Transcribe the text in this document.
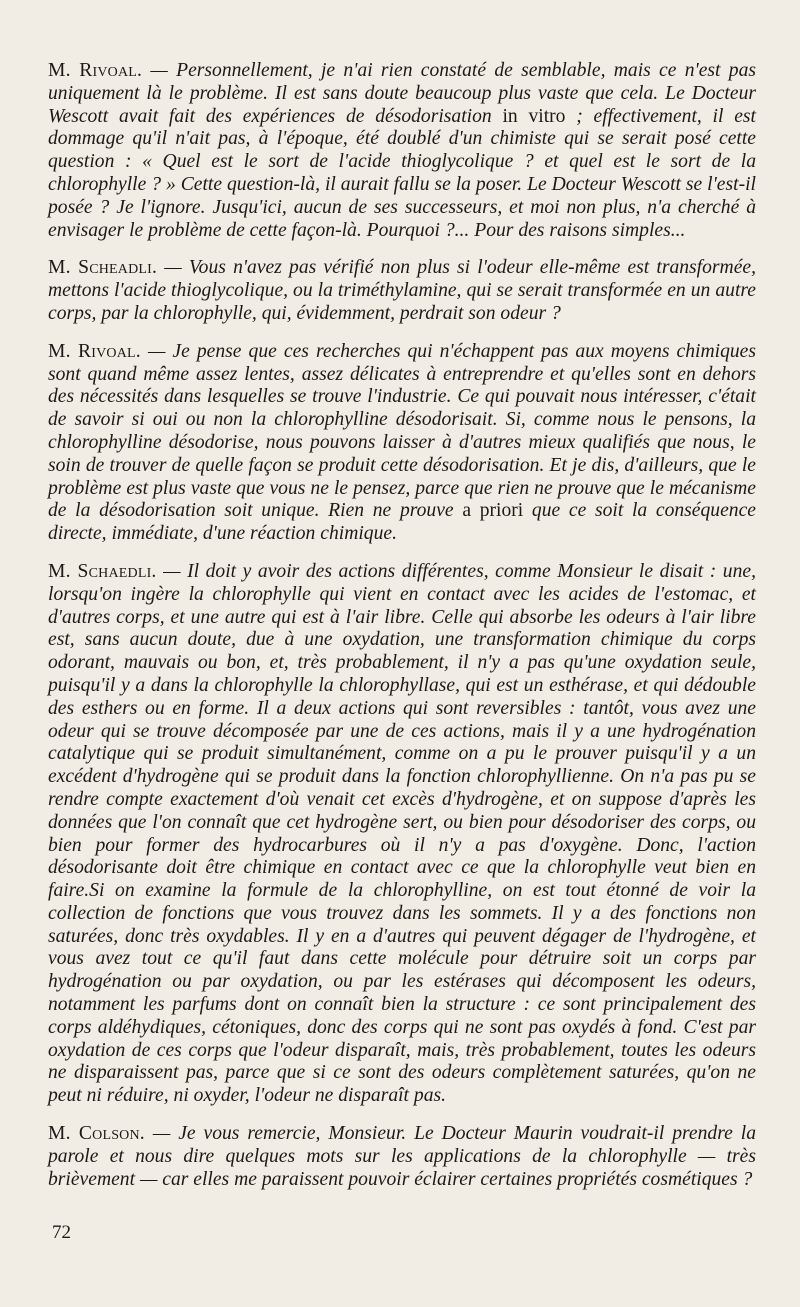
M. Rivoal. — Personnellement, je n'ai rien constaté de semblable, mais ce n'est pas uniquement là le problème. Il est sans doute beaucoup plus vaste que cela. Le Docteur Wescott avait fait des expériences de désodorisation in vitro ; effectivement, il est dommage qu'il n'ait pas, à l'époque, été doublé d'un chimiste qui se serait posé cette question : « Quel est le sort de l'acide thioglycolique ? et quel est le sort de la chlorophylle ? » Cette question-là, il aurait fallu se la poser. Le Docteur Wescott se l'est-il posée ? Je l'ignore. Jusqu'ici, aucun de ses successeurs, et moi non plus, n'a cherché à envisager le problème de cette façon-là. Pourquoi ?... Pour des raisons simples...

M. Scheadli. — Vous n'avez pas vérifié non plus si l'odeur elle-même est transformée, mettons l'acide thioglycolique, ou la triméthylamine, qui se serait transformée en un autre corps, par la chlorophylle, qui, évidemment, perdrait son odeur ?

M. Rivoal. — Je pense que ces recherches qui n'échappent pas aux moyens chimiques sont quand même assez lentes, assez délicates à entreprendre et qu'elles sont en dehors des nécessités dans lesquelles se trouve l'industrie. Ce qui pouvait nous intéresser, c'était de savoir si oui ou non la chlorophylline désodorisait. Si, comme nous le pensons, la chlorophylline désodorise, nous pouvons laisser à d'autres mieux qualifiés que nous, le soin de trouver de quelle façon se produit cette désodorisation. Et je dis, d'ailleurs, que le problème est plus vaste que vous ne le pensez, parce que rien ne prouve que le mécanisme de la désodorisation soit unique. Rien ne prouve a priori que ce soit la conséquence directe, immédiate, d'une réaction chimique.

M. Schaedli. — Il doit y avoir des actions différentes, comme Monsieur le disait : une, lorsqu'on ingère la chlorophylle qui vient en contact avec les acides de l'estomac, et d'autres corps, et une autre qui est à l'air libre. Celle qui absorbe les odeurs à l'air libre est, sans aucun doute, due à une oxydation, une transformation chimique du corps odorant, mauvais ou bon, et, très probablement, il n'y a pas qu'une oxydation seule, puisqu'il y a dans la chlorophylle la chlorophyllase, qui est un esthérase, et qui dédouble des esthers ou en forme. Il a deux actions qui sont reversibles : tantôt, vous avez une odeur qui se trouve décomposée par une de ces actions, mais il y a une hydrogénation catalytique qui se produit simultanément, comme on a pu le prouver puisqu'il y a un excédent d'hydrogène qui se produit dans la fonction chlorophyllienne. On n'a pas pu se rendre compte exactement d'où venait cet excès d'hydrogène, et on suppose d'après les données que l'on connaît que cet hydrogène sert, ou bien pour désodoriser des corps, ou bien pour former des hydrocarbures où il n'y a pas d'oxygène. Donc, l'action désodorisante doit être chimique en contact avec ce que la chlorophylle veut bien en faire.Si on examine la formule de la chlorophylline, on est tout étonné de voir la collection de fonctions que vous trouvez dans les sommets. Il y a des fonctions non saturées, donc très oxydables. Il y en a d'autres qui peuvent dégager de l'hydrogène, et vous avez tout ce qu'il faut dans cette molécule pour détruire soit un corps par hydrogénation ou par oxydation, ou par les estérases qui décomposent les odeurs, notamment les parfums dont on connaît bien la structure : ce sont principalement des corps aldéhydiques, cétoniques, donc des corps qui ne sont pas oxydés à fond. C'est par oxydation de ces corps que l'odeur disparaît, mais, très probablement, toutes les odeurs ne disparaissent pas, parce que si ce sont des odeurs complètement saturées, qu'on ne peut ni réduire, ni oxyder, l'odeur ne disparaît pas.

M. Colson. — Je vous remercie, Monsieur. Le Docteur Maurin voudrait-il prendre la parole et nous dire quelques mots sur les applications de la chlorophylle — très brièvement — car elles me paraissent pouvoir éclairer certaines propriétés cosmétiques ?

72
